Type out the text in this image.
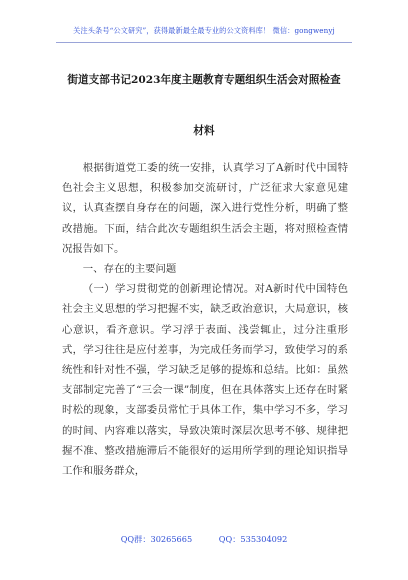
关注头条号“公文研究”，获得最新最全最专业的公文资料库！ 微信：gongwenyj
街道支部书记2023年度主题教育专题组织生活会对照检查
材料

根据街道党工委的统一安排，认真学习了A新时代中国特色社会主义思想，积极参加交流研讨，广泛征求大家意见建议，认真查摆自身存在的问题，深入进行党性分析，明确了整改措施。下面，结合此次专题组织生活会主题，将对照检查情况报告如下。

一、存在的主要问题

（一）学习贯彻党的创新理论情况。对A新时代中国特色社会主义思想的学习把握不实，缺乏政治意识，大局意识，核心意识，看齐意识。学习浮于表面、浅尝辄止，过分注重形式，学习往往是应付差事，为完成任务而学习，致使学习的系统性和针对性不强，学习缺乏足够的提炼和总结。比如：虽然支部制定完善了“三会一课”制度，但在具体落实上还存在时紧时松的现象，支部委员常忙于具体工作，集中学习不多，学习的时间、内容难以落实，导致决策时深层次思考不够、规律把握不准、整改措施滞后不能很好的运用所学到的理论知识指导工作和服务群众，

QQ群：30265665	QQ：535304092
